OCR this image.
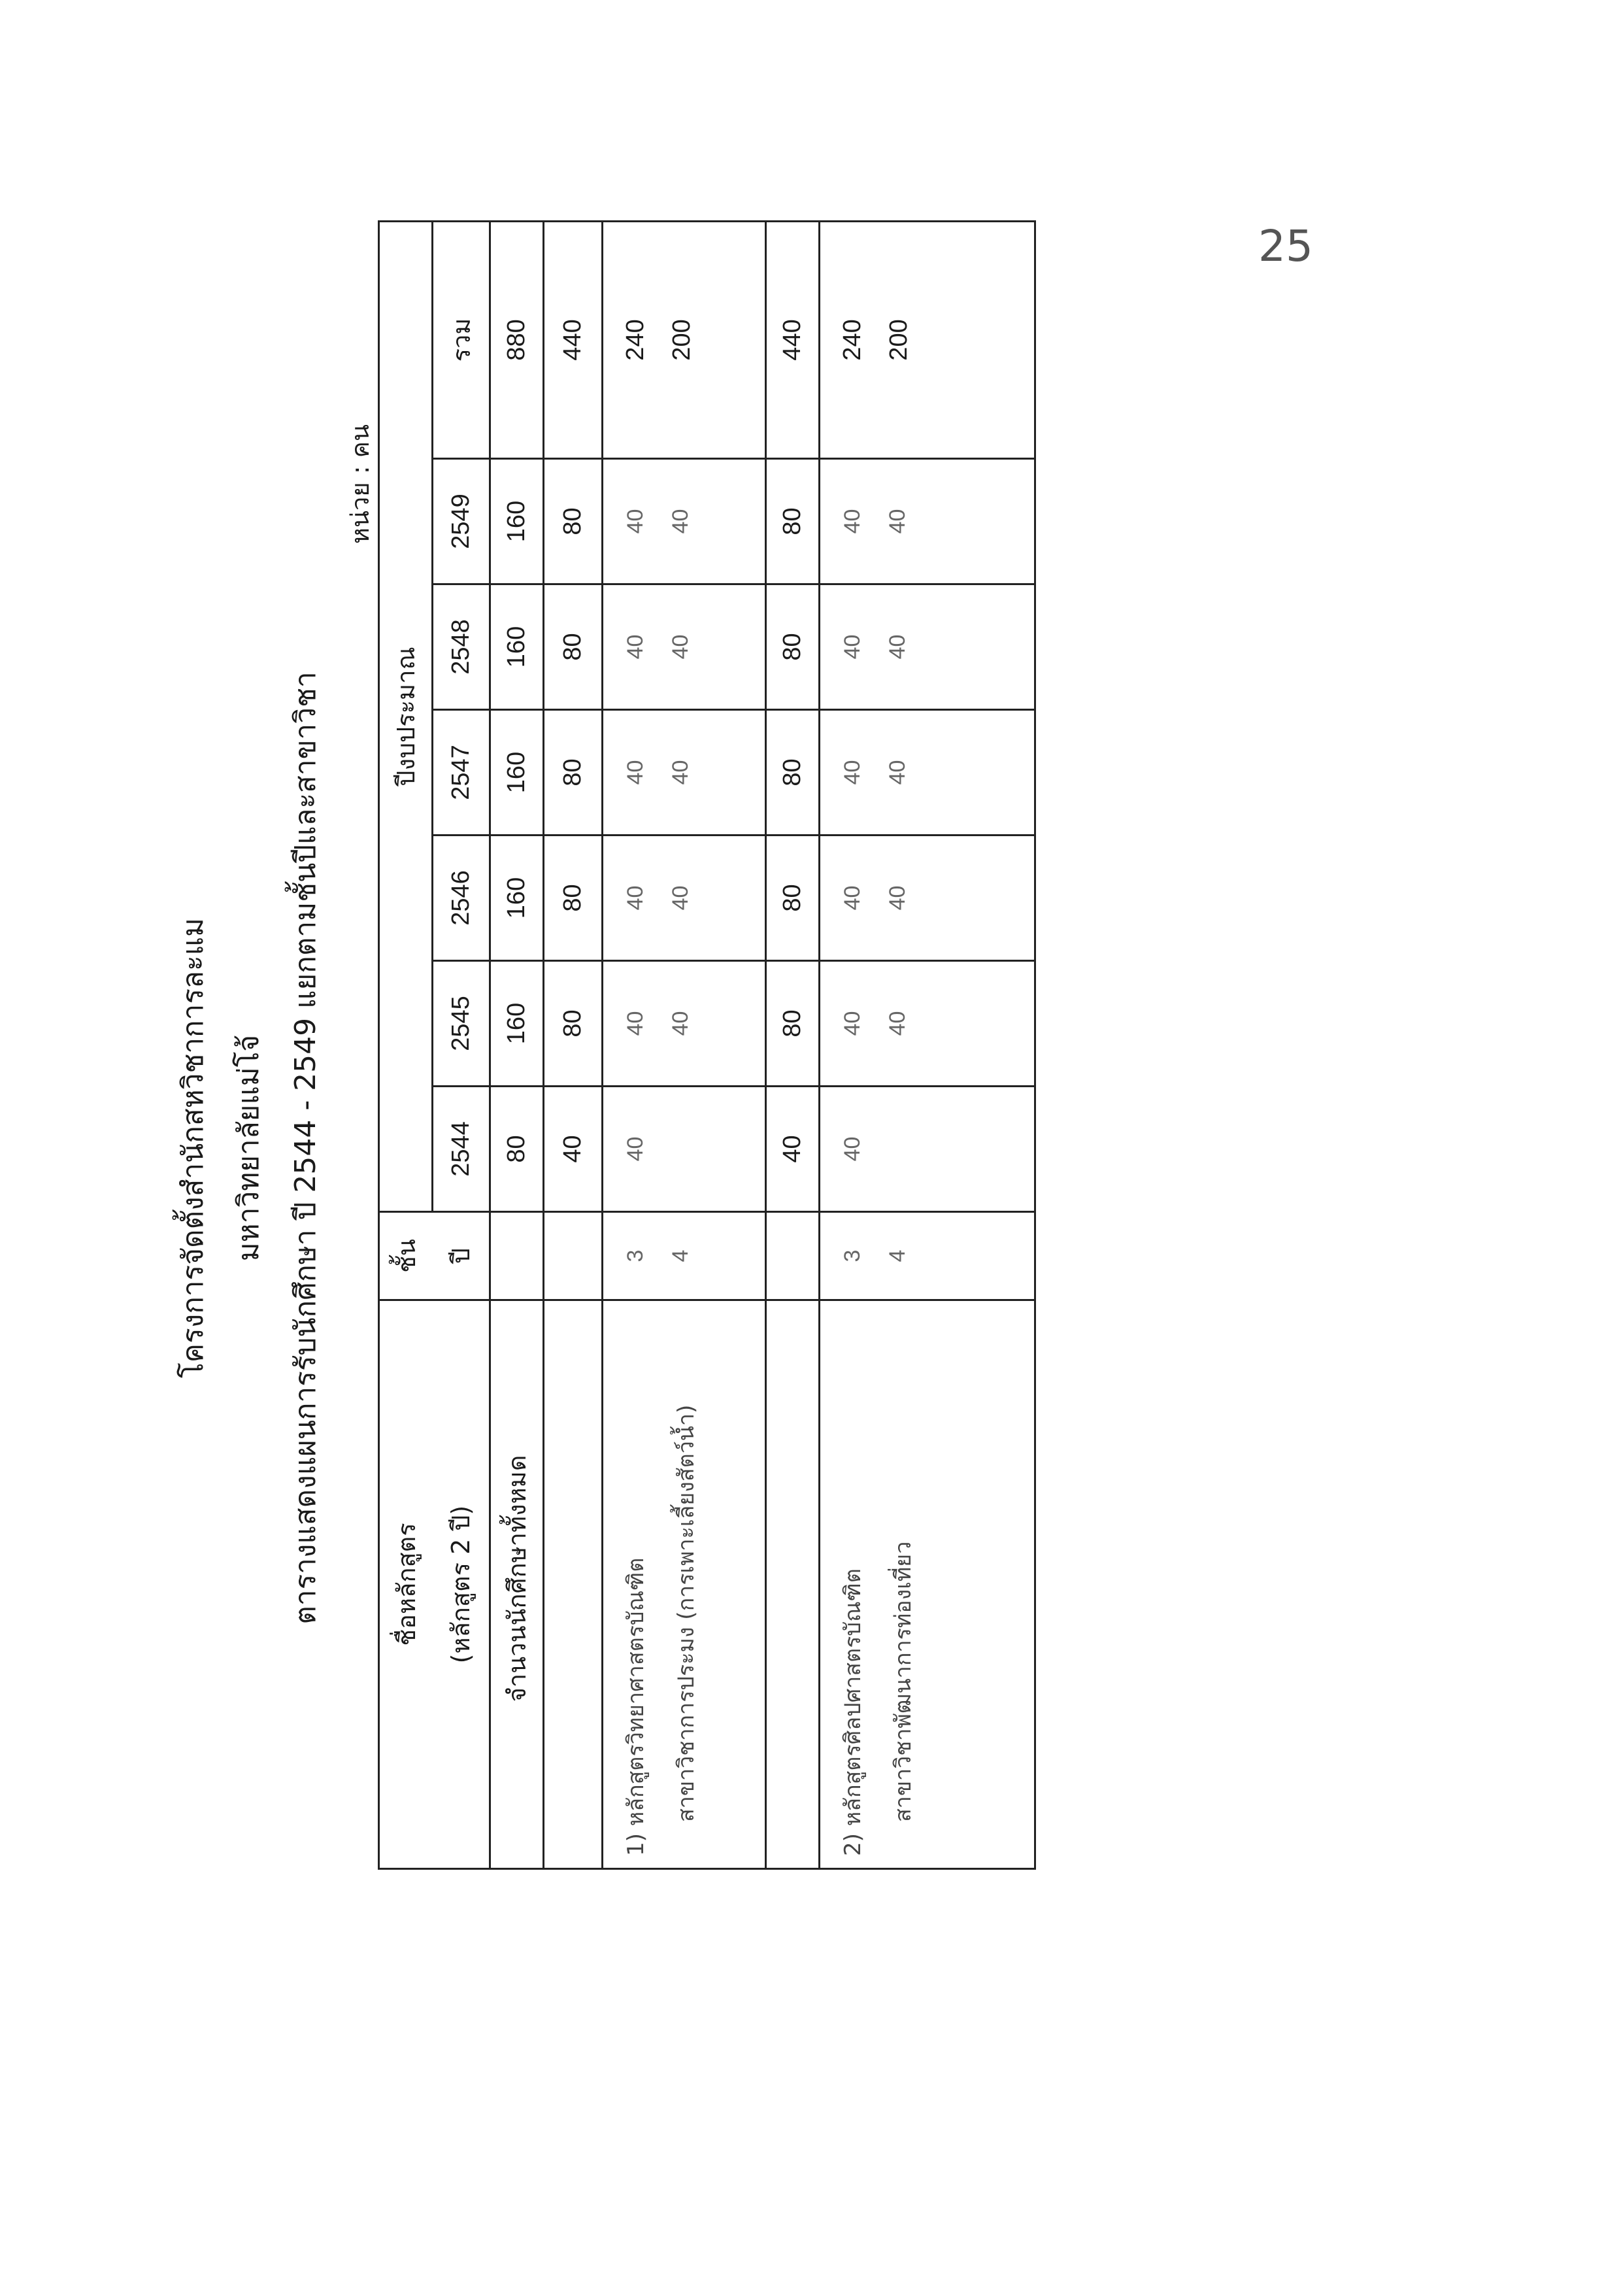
25
โครงการจัดตั้งสำนักสหวิชาการละแม มหาวิทยาลัยแม่โจ้ ตารางแสดงแผนการรับนักศึกษา ปี 2544 - 2549 แยกตามชั้นปีและสาขาวิชา
หน่วย : คน
ชื่อหลักสูตร	ชั้น	ปีงบประมาณ						
(หลักสูตร 2 ปี)	ปี	2544	2545	2546	2547	2548	2549	รวม
จำนวนนักศึกษาทั้งหมด		80	160	160	160	160	160	880
		40	80	80	80	80	80	440
1) หลักสูตรวิทยาศาสตรบัณฑิต	3	40	40	40	40	40	40	240
สาขาวิชาการประมง (การเพาะเลี้ยงสัตว์น้ำ)	4		40	40	40	40	40	200
		40	80	80	80	80	80	440
2) หลักสูตรศิลปศาสตรบัณฑิต	3	40	40	40	40	40	40	240
สาขาวิชาพัฒนาการท่องเที่ยว	4		40	40	40	40	40	200
